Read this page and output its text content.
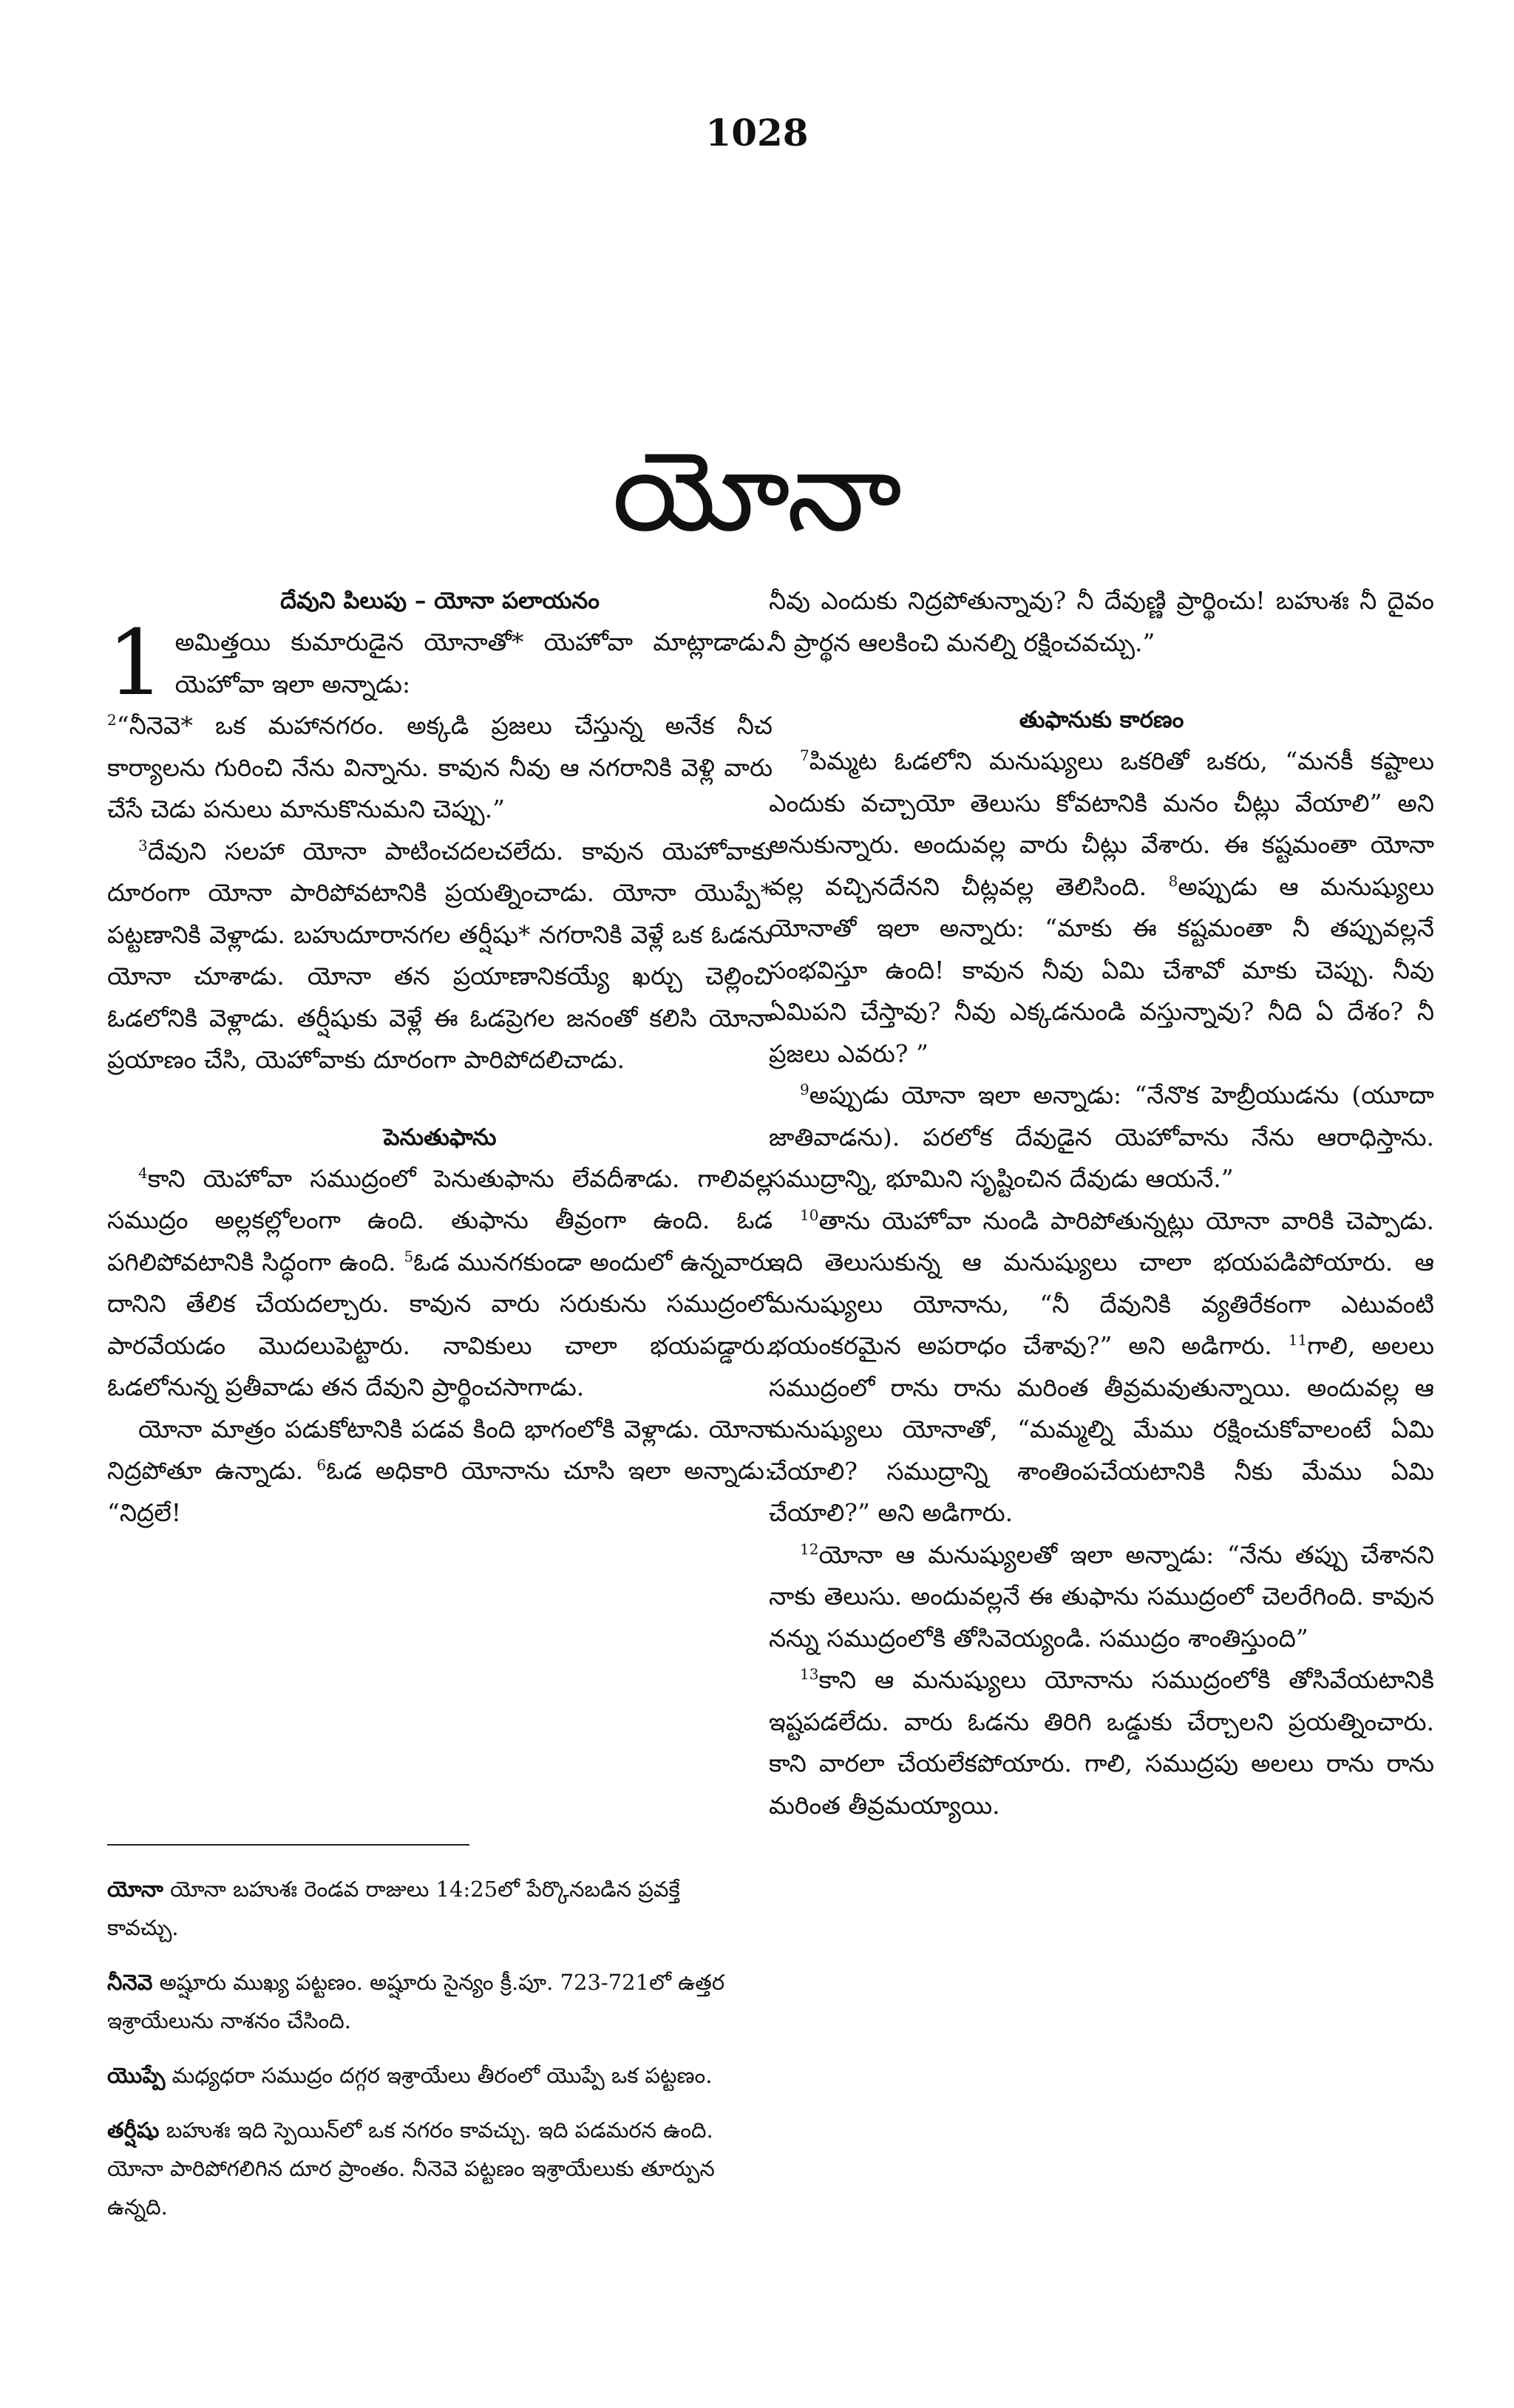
1028
యోనా
దేవుని పిలుపు – యోనా పలాయనం

1 అమిత్తయి కుమారుడైన యోనాతో* యెహోవా మాట్లాడాడు. యెహోవా ఇలా అన్నాడు:
$^2$“నీనెవె* ఒక మహానగరం. అక్కడి ప్రజలు చేస్తున్న అనేక నీచ కార్యాలను గురించి నేను విన్నాను. కావున నీవు ఆ నగరానికి వెళ్లి వారు చేసే చెడు పనులు మానుకొనుమని చెప్పు.”

$^3$దేవుని సలహా యోనా పాటించదలచలేదు. కావున యెహోవాకు దూరంగా యోనా పారిపోవటానికి ప్రయత్నించాడు. యోనా యొప్పే* పట్టణానికి వెళ్లాడు. బహుదూరానగల తర్షీషు* నగరానికి వెళ్లే ఒక ఓడను యోనా చూశాడు. యోనా తన ప్రయాణానికయ్యే ఖర్చు చెల్లించి ఓడలోనికి వెళ్లాడు. తర్షీషుకు వెళ్లే ఈ ఓడప్రెగల జనంతో కలిసి యోనా ప్రయాణం చేసి, యెహోవాకు దూరంగా పారిపోదలిచాడు.

పెనుతుఫాను

$^4$కాని యెహోవా సముద్రంలో పెనుతుఫాను లేవదీశాడు. గాలివల్ల సముద్రం అల్లకల్లోలంగా ఉంది. తుఫాను తీవ్రంగా ఉంది. ఓడ పగిలిపోవటానికి సిద్ధంగా ఉంది. $^5$ఓడ మునగకుండా అందులో ఉన్నవారు దానిని తేలిక చేయదల్చారు. కావున వారు సరుకును సముద్రంలో పారవేయడం మొదలుపెట్టారు. నావికులు చాలా భయపడ్డారు. ఓడలోనున్న ప్రతీవాడు తన దేవుని ప్రార్థించసాగాడు.

యోనా మాత్రం పడుకోటానికి పడవ కింది భాగంలోకి వెళ్లాడు. యోనా నిద్రపోతూ ఉన్నాడు. $^6$ఓడ అధికారి యోనాను చూసి ఇలా అన్నాడు: “నిద్రలే!

యోనా యోనా బహుశః రెండవ రాజులు 14:25లో పేర్కొనబడిన ప్రవక్తే కావచ్చు.

నీనెవె అష్షూరు ముఖ్య పట్టణం. అష్షూరు సైన్యం క్రీ.పూ. 723-721లో ఉత్తర ఇశ్రాయేలును నాశనం చేసింది.

యొప్పే మధ్యధరా సముద్రం దగ్గర ఇశ్రాయేలు తీరంలో యొప్పే ఒక పట్టణం.

తర్షీషు బహుశః ఇది స్పెయిన్‌లో ఒక నగరం కావచ్చు. ఇది పడమరన ఉంది. యోనా పారిపోగలిగిన దూర ప్రాంతం. నీనెవె పట్టణం ఇశ్రాయేలుకు తూర్పున ఉన్నది.

నీవు ఎందుకు నిద్రపోతున్నావు? నీ దేవుణ్ణి ప్రార్థించు! బహుశః నీ దైవం నీ ప్రార్థన ఆలకించి మనల్ని రక్షించవచ్చు.”

తుఫానుకు కారణం

$^7$పిమ్మట ఓడలోని మనుష్యులు ఒకరితో ఒకరు, “మనకీ కష్టాలు ఎందుకు వచ్చాయో తెలుసు కోవటానికి మనం చీట్లు వేయాలి” అని అనుకున్నారు. అందువల్ల వారు చీట్లు వేశారు. ఈ కష్టమంతా యోనా వల్ల వచ్చినదేనని చీట్లవల్ల తెలిసింది. $^8$అప్పుడు ఆ మనుష్యులు యోనాతో ఇలా అన్నారు: “మాకు ఈ కష్టమంతా నీ తప్పువల్లనే సంభవిస్తూ ఉంది! కావున నీవు ఏమి చేశావో మాకు చెప్పు. నీవు ఏమిపని చేస్తావు? నీవు ఎక్కడనుండి వస్తున్నావు? నీది ఏ దేశం? నీ ప్రజలు ఎవరు? ”

$^9$అప్పుడు యోనా ఇలా అన్నాడు: “నేనొక హెబ్రీయుడను (యూదా జాతివాడను). పరలోక దేవుడైన యెహోవాను నేను ఆరాధిస్తాను. సముద్రాన్ని, భూమిని సృష్టించిన దేవుడు ఆయనే.”

$^{10}$తాను యెహోవా నుండి పారిపోతున్నట్లు యోనా వారికి చెప్పాడు. ఇది తెలుసుకున్న ఆ మనుష్యులు చాలా భయపడిపోయారు. ఆ మనుష్యులు యోనాను, “నీ దేవునికి వ్యతిరేకంగా ఎటువంటి భయంకరమైన అపరాధం చేశావు?” అని అడిగారు. $^{11}$గాలి, అలలు సముద్రంలో రాను రాను మరింత తీవ్రమవుతున్నాయి. అందువల్ల ఆ మనుష్యులు యోనాతో, “మమ్మల్ని మేము రక్షించుకోవాలంటే ఏమి చేయాలి? సముద్రాన్ని శాంతింపచేయటానికి నీకు మేము ఏమి చేయాలి?” అని అడిగారు.

$^{12}$యోనా ఆ మనుష్యులతో ఇలా అన్నాడు: “నేను తప్పు చేశానని నాకు తెలుసు. అందువల్లనే ఈ తుఫాను సముద్రంలో చెలరేగింది. కావున నన్ను సముద్రంలోకి తోసివెయ్యండి. సముద్రం శాంతిస్తుంది”

$^{13}$కాని ఆ మనుష్యులు యోనాను సముద్రంలోకి తోసివేయటానికి ఇష్టపడలేదు. వారు ఓడను తిరిగి ఒడ్డుకు చేర్చాలని ప్రయత్నించారు. కాని వారలా చేయలేకపోయారు. గాలి, సముద్రపు అలలు రాను రాను మరింత తీవ్రమయ్యాయి.
